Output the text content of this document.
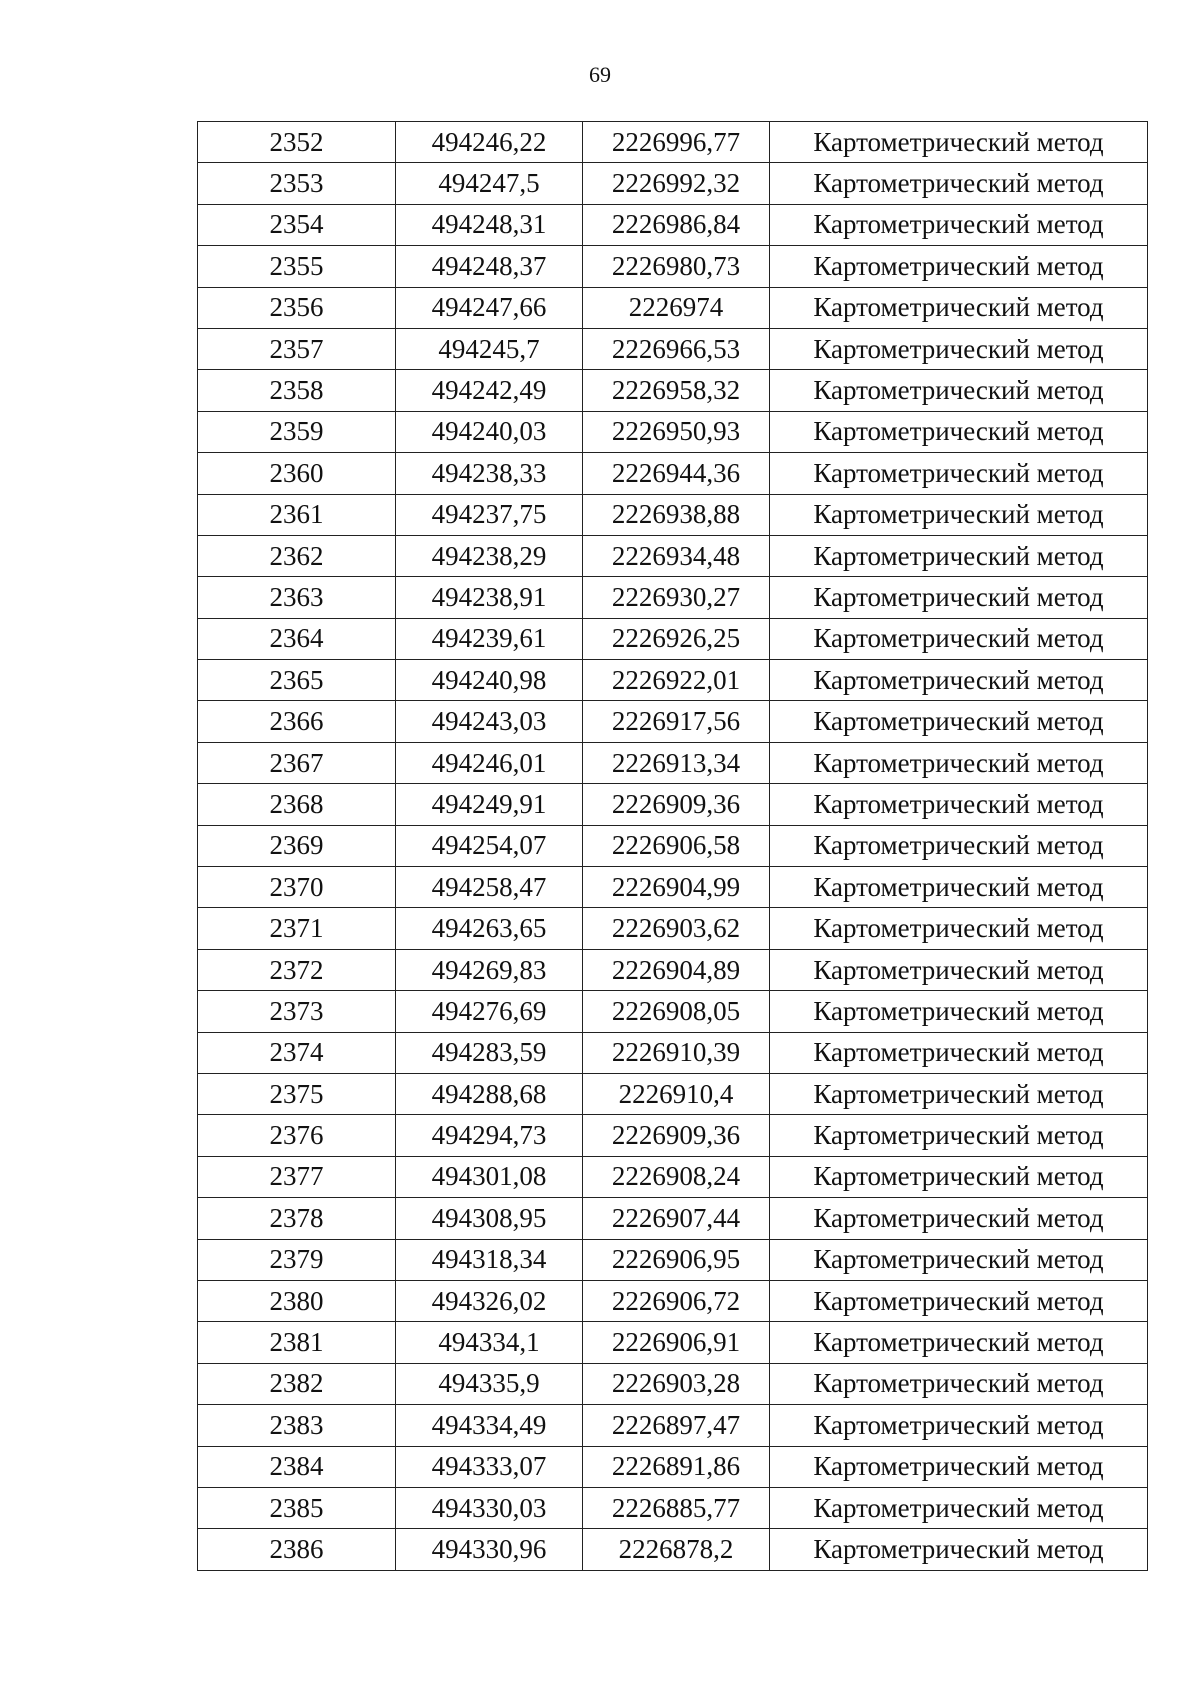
69
2352	494246,22	2226996,77	Картометрический метод
2353	494247,5	2226992,32	Картометрический метод
2354	494248,31	2226986,84	Картометрический метод
2355	494248,37	2226980,73	Картометрический метод
2356	494247,66	2226974	Картометрический метод
2357	494245,7	2226966,53	Картометрический метод
2358	494242,49	2226958,32	Картометрический метод
2359	494240,03	2226950,93	Картометрический метод
2360	494238,33	2226944,36	Картометрический метод
2361	494237,75	2226938,88	Картометрический метод
2362	494238,29	2226934,48	Картометрический метод
2363	494238,91	2226930,27	Картометрический метод
2364	494239,61	2226926,25	Картометрический метод
2365	494240,98	2226922,01	Картометрический метод
2366	494243,03	2226917,56	Картометрический метод
2367	494246,01	2226913,34	Картометрический метод
2368	494249,91	2226909,36	Картометрический метод
2369	494254,07	2226906,58	Картометрический метод
2370	494258,47	2226904,99	Картометрический метод
2371	494263,65	2226903,62	Картометрический метод
2372	494269,83	2226904,89	Картометрический метод
2373	494276,69	2226908,05	Картометрический метод
2374	494283,59	2226910,39	Картометрический метод
2375	494288,68	2226910,4	Картометрический метод
2376	494294,73	2226909,36	Картометрический метод
2377	494301,08	2226908,24	Картометрический метод
2378	494308,95	2226907,44	Картометрический метод
2379	494318,34	2226906,95	Картометрический метод
2380	494326,02	2226906,72	Картометрический метод
2381	494334,1	2226906,91	Картометрический метод
2382	494335,9	2226903,28	Картометрический метод
2383	494334,49	2226897,47	Картометрический метод
2384	494333,07	2226891,86	Картометрический метод
2385	494330,03	2226885,77	Картометрический метод
2386	494330,96	2226878,2	Картометрический метод
